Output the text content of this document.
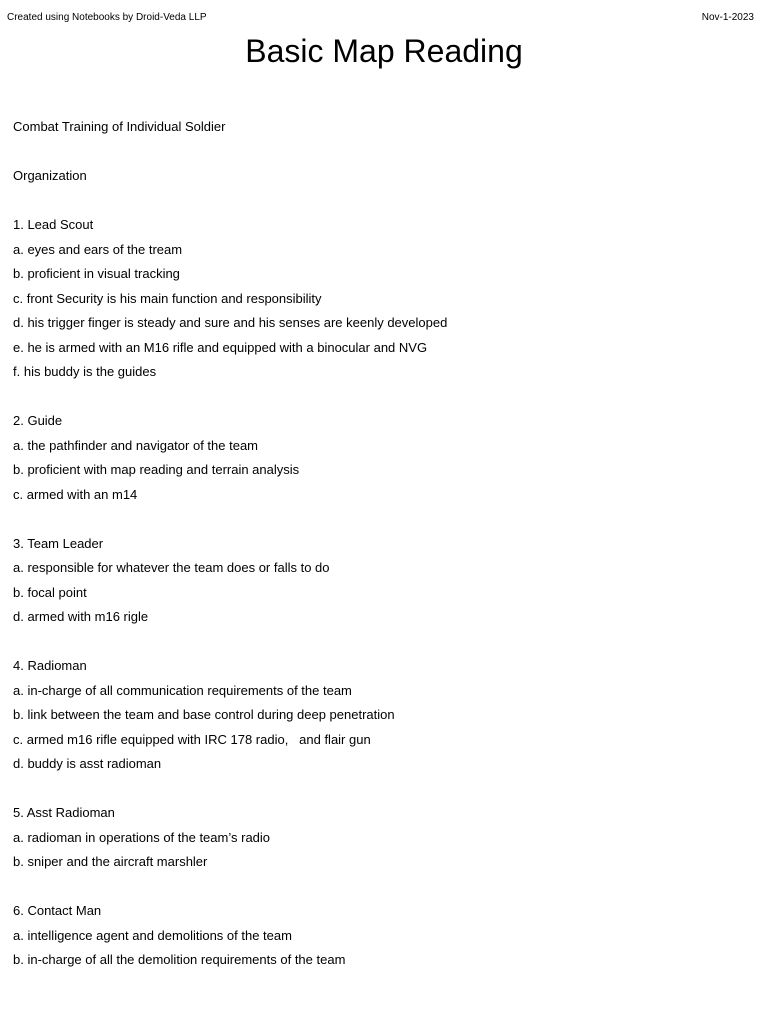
Created using Notebooks by Droid-Veda LLP	Nov-1-2023
Basic Map Reading
Combat Training of Individual Soldier
Organization
1. Lead Scout
a. eyes and ears of the tream
b. proficient in visual tracking
c. front Security is his main function and responsibility
d. his trigger finger is steady and sure and his senses are keenly developed
e. he is armed with an M16 rifle and equipped with a binocular and NVG
f. his buddy is the guides
2. Guide
a. the pathfinder and navigator of the team
b. proficient with map reading and terrain analysis
c. armed with an m14
3. Team Leader
a. responsible for whatever the team does or falls to do
b. focal point
d. armed with m16 rigle
4. Radioman
a. in-charge of all communication requirements of the team
b. link between the team and base control during deep penetration
c. armed m16 rifle equipped with IRC 178 radio,   and flair gun
d. buddy is asst radioman
5. Asst Radioman
a. radioman in operations of the team’s radio
b. sniper and the aircraft marshler
6. Contact Man
a. intelligence agent and demolitions of the team
b. in-charge of all the demolition requirements of the team
